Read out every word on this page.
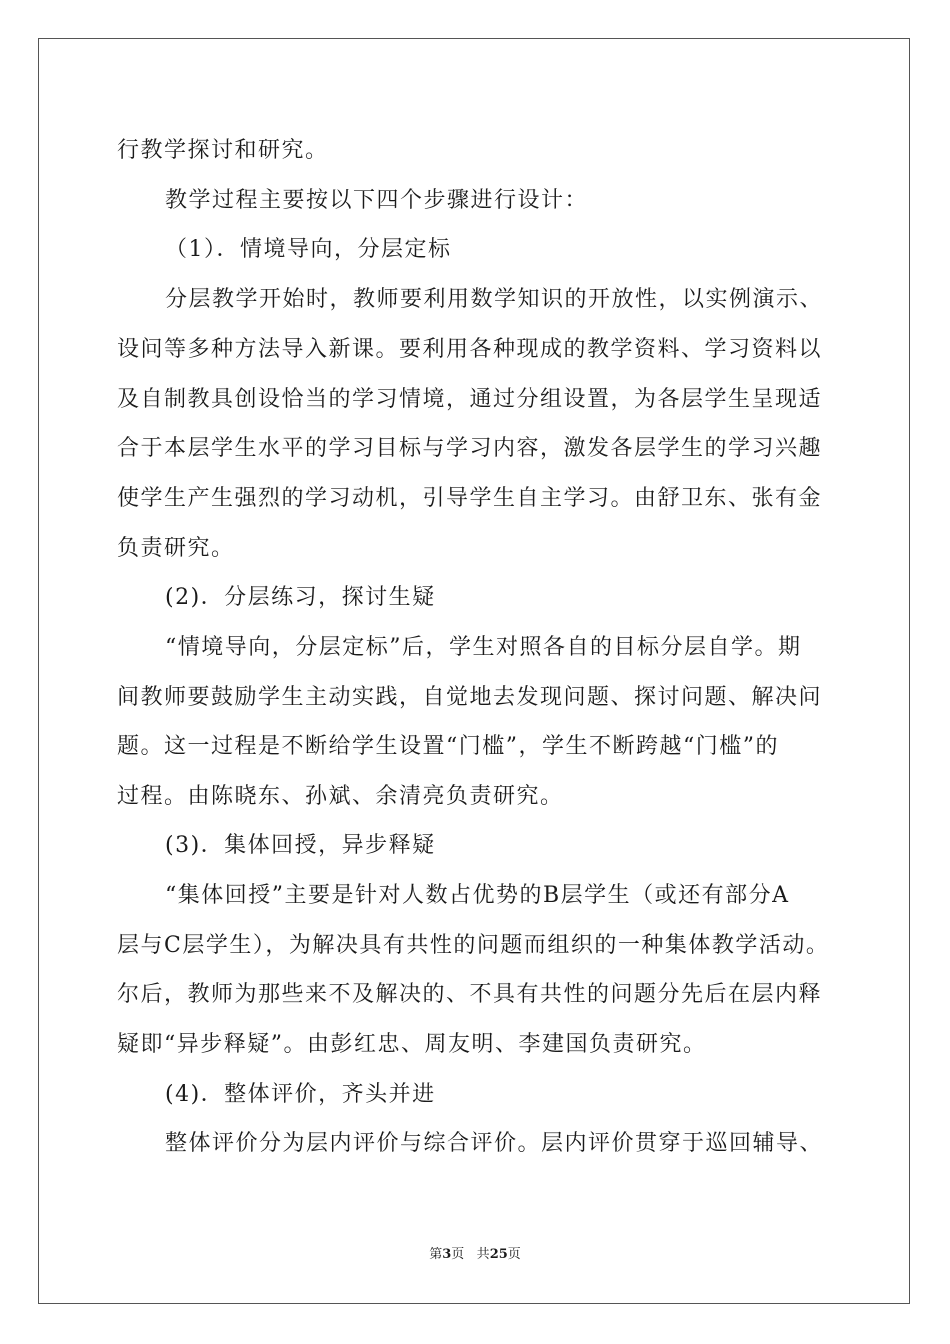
行教学探讨和研究。
教学过程主要按以下四个步骤进行设计：
（1）．情境导向，分层定标
分层教学开始时，教师要利用数学知识的开放性，以实例演示、
设问等多种方法导入新课。要利用各种现成的教学资料、学习资料以
及自制教具创设恰当的学习情境，通过分组设置，为各层学生呈现适
合于本层学生水平的学习目标与学习内容，激发各层学生的学习兴趣
使学生产生强烈的学习动机，引导学生自主学习。由舒卫东、张有金
负责研究。
(2)．分层练习，探讨生疑
“情境导向，分层定标”后，学生对照各自的目标分层自学。期
间教师要鼓励学生主动实践，自觉地去发现问题、探讨问题、解决问
题。这一过程是不断给学生设置“门槛”，学生不断跨越“门槛”的
过程。由陈晓东、孙斌、余清亮负责研究。
(3)．集体回授，异步释疑
“集体回授”主要是针对人数占优势的B层学生（或还有部分A
层与C层学生），为解决具有共性的问题而组织的一种集体教学活动。
尔后，教师为那些来不及解决的、不具有共性的问题分先后在层内释
疑即“异步释疑”。由彭红忠、周友明、李建国负责研究。
(4)．整体评价，齐头并进
整体评价分为层内评价与综合评价。层内评价贯穿于巡回辅导、
第3页 共25页
